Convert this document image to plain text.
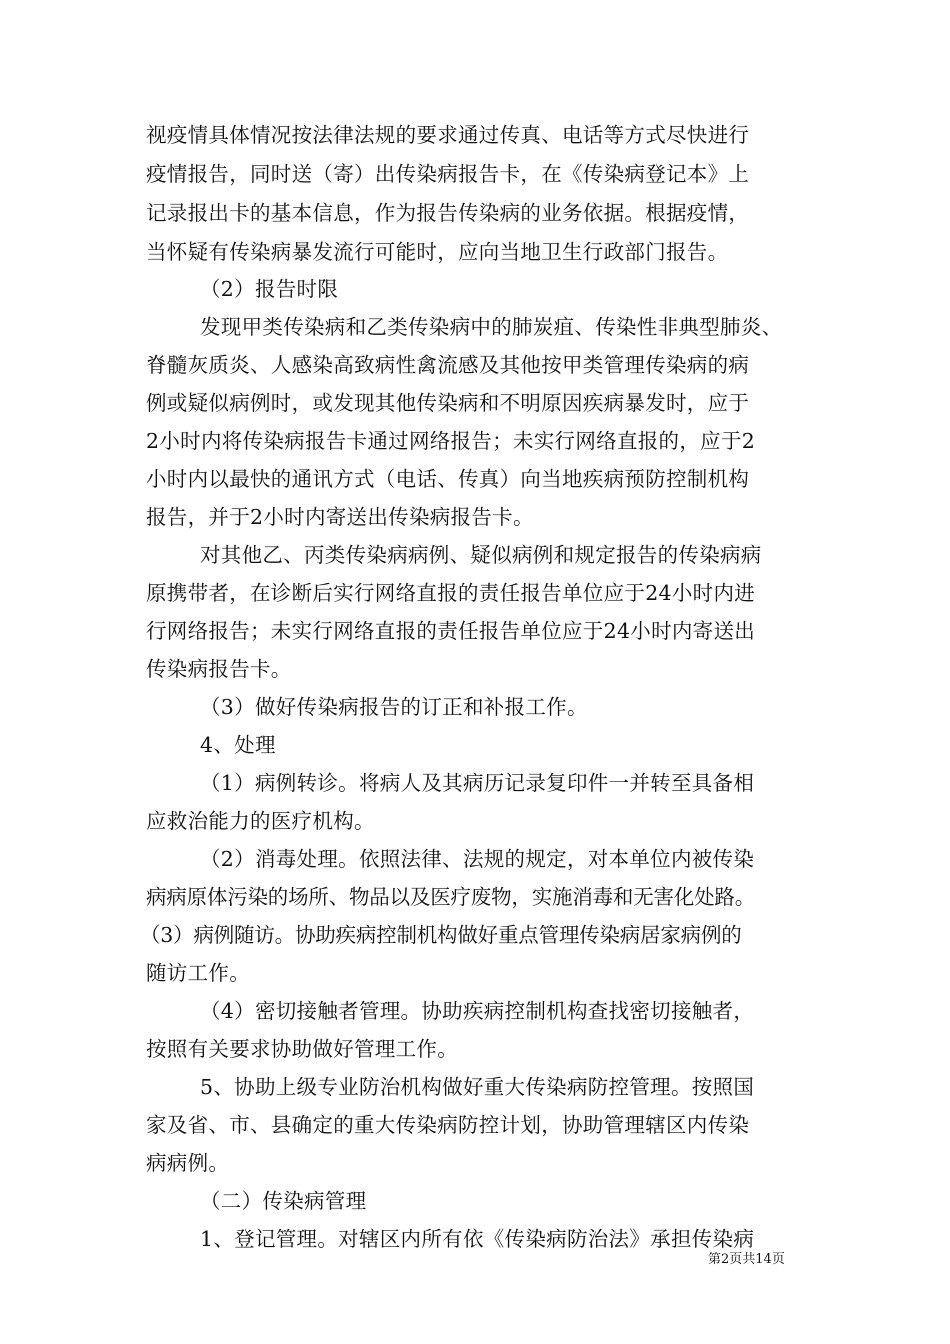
视疫情具体情况按法律法规的要求通过传真、电话等方式尽快进行
疫情报告，同时送（寄）出传染病报告卡，在《传染病登记本》上
记录报出卡的基本信息，作为报告传染病的业务依据。根据疫情，
当怀疑有传染病暴发流行可能时，应向当地卫生行政部门报告。
（2）报告时限
发现甲类传染病和乙类传染病中的肺炭疽、传染性非典型肺炎、
脊髓灰质炎、人感染高致病性禽流感及其他按甲类管理传染病的病
例或疑似病例时，或发现其他传染病和不明原因疾病暴发时，应于
2小时内将传染病报告卡通过网络报告；未实行网络直报的，应于2
小时内以最快的通讯方式（电话、传真）向当地疾病预防控制机构
报告，并于2小时内寄送出传染病报告卡。
对其他乙、丙类传染病病例、疑似病例和规定报告的传染病病
原携带者，在诊断后实行网络直报的责任报告单位应于24小时内进
行网络报告；未实行网络直报的责任报告单位应于24小时内寄送出
传染病报告卡。
（3）做好传染病报告的订正和补报工作。
4、处理
（1）病例转诊。将病人及其病历记录复印件一并转至具备相
应救治能力的医疗机构。
（2）消毒处理。依照法律、法规的规定，对本单位内被传染
病病原体污染的场所、物品以及医疗废物，实施消毒和无害化处路。
（3）病例随访。协助疾病控制机构做好重点管理传染病居家病例的
随访工作。
（4）密切接触者管理。协助疾病控制机构查找密切接触者，
按照有关要求协助做好管理工作。
5、协助上级专业防治机构做好重大传染病防控管理。按照国
家及省、市、县确定的重大传染病防控计划，协助管理辖区内传染
病病例。
（二）传染病管理
1、登记管理。对辖区内所有依《传染病防治法》承担传染病
第2页共14页
